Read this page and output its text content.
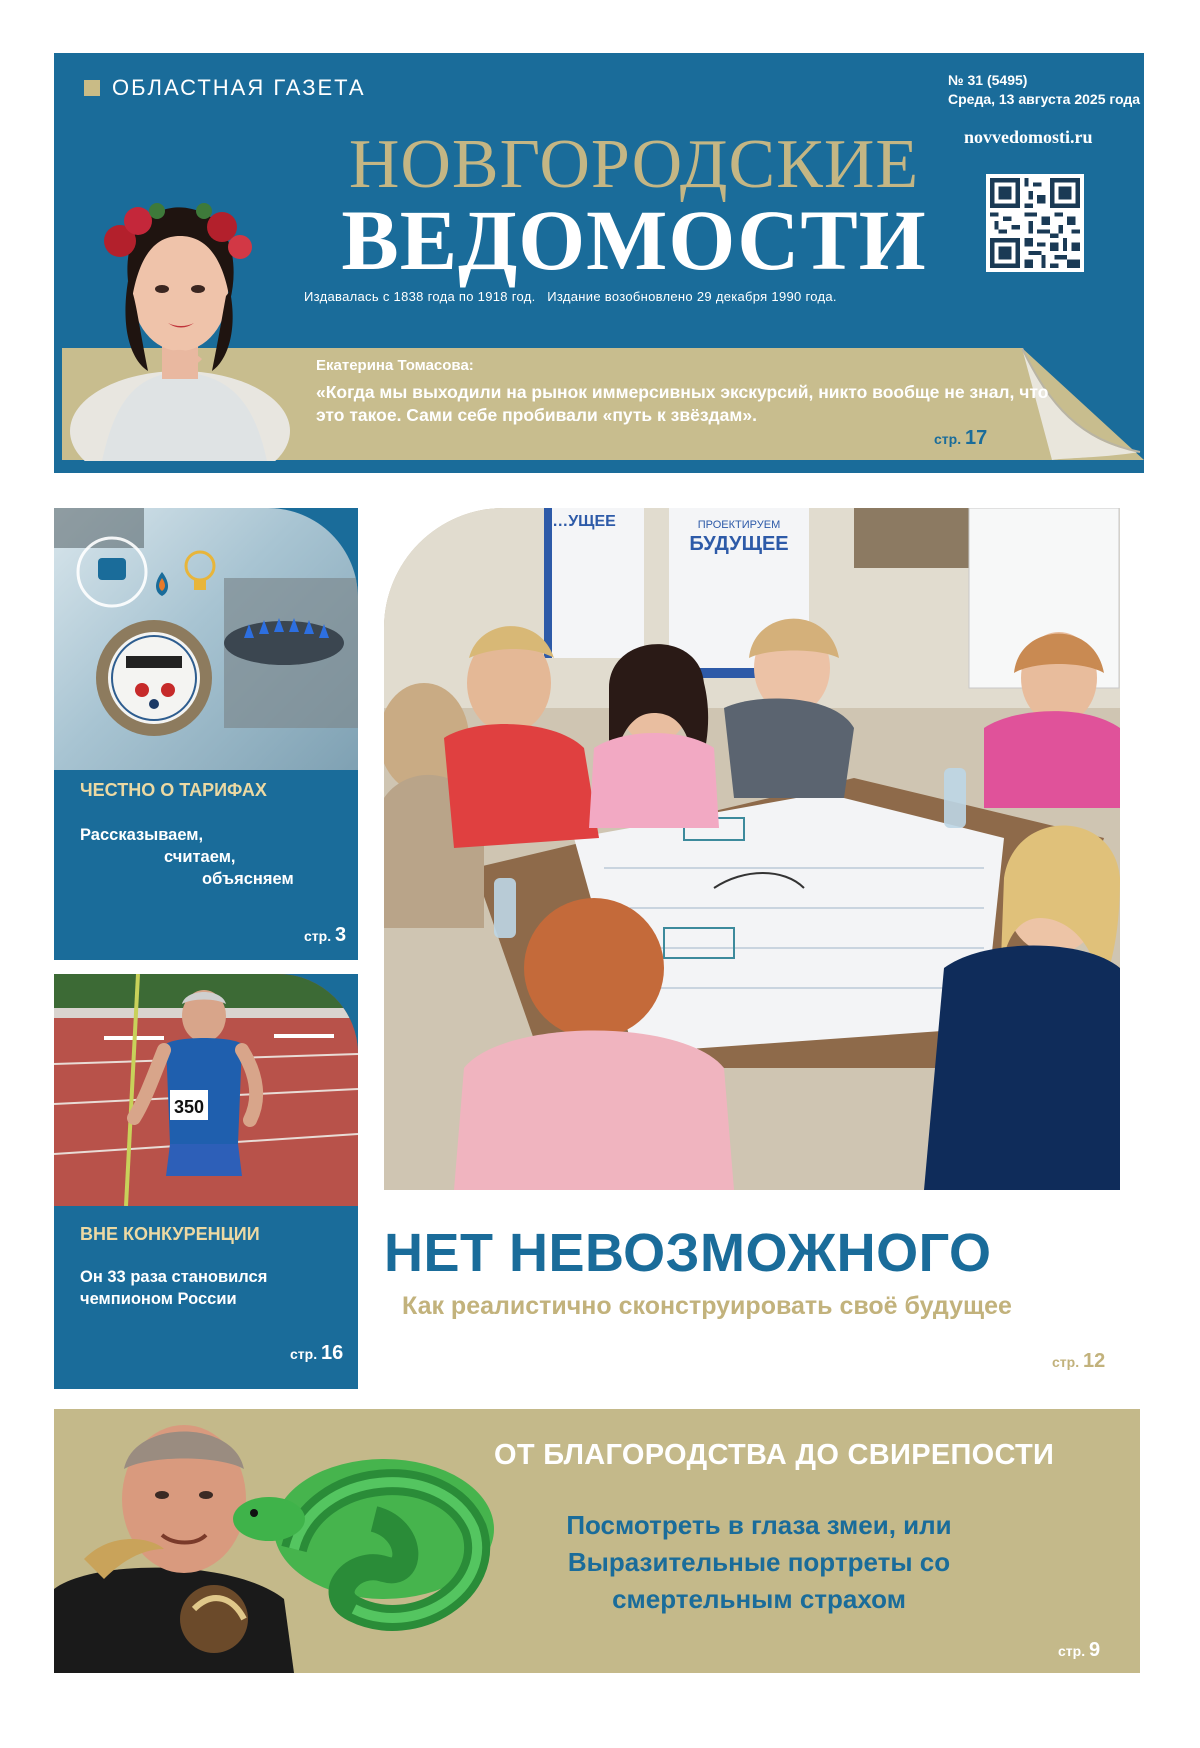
ОБЛАСТНАЯ ГАЗЕТА	№ 31 (5495)
Среда, 13 августа 2025 года
novvedomosti.ru
НОВГОРОДСКИЕ
ВЕДОМОСТИ
Издавалась с 1838 года по 1918 год.   Издание возобновлено 29 декабря 1990 года.
Екатерина Томасова:
«Когда мы выходили на рынок иммерсивных экскурсий, никто вообще не знал, что это такое. Сами себе пробивали «путь к звёздам».
стр. 17
ЧЕСТНО О ТАРИФАХ
Рассказываем,
считаем,
объясняем
стр. 3
350
ВНЕ КОНКУРЕНЦИИ
Он 33 раза становился чемпионом России
стр. 16
…УЩЕЕ	ПРОЕКТИРУЕМ
БУДУЩЕЕ
НЕТ НЕВОЗМОЖНОГО
Как реалистично сконструировать своё будущее
стр. 12
ОТ БЛАГОРОДСТВА ДО СВИРЕПОСТИ
Посмотреть в глаза змеи, или Выразительные портреты со смертельным страхом
стр. 9
